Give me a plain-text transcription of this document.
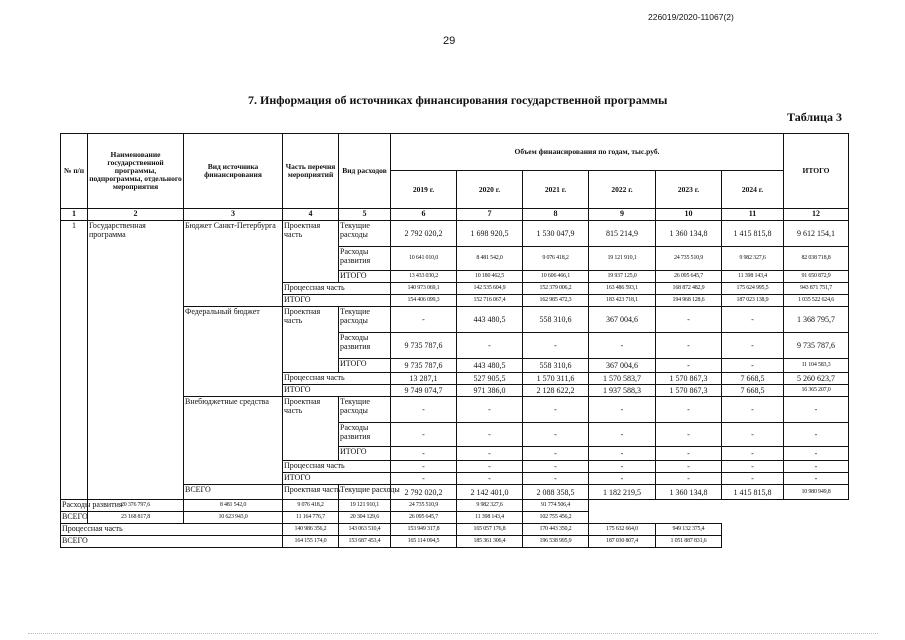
226019/2020-11067(2)
29
7. Информация об источниках финансирования государственной программы
Таблица 3
№ п/п	Наименование государственной программы, подпрограммы, отдельного мероприятия	Вид источника финансирования	Часть перечня мероприятий	Вид расходов	Объем финансирования по годам, тыс.руб.						ИТОГО
					2019 г.	2020 г.	2021 г.	2022 г.	2023 г.	2024 г.	
1	2	3	4	5	6	7	8	9	10	11	12
1	Государственная программа	Бюджет Санкт-Петербурга	Проектная часть	Текущие расходы	2 792 020,2	1 698 920,5	1 530 047,9	815 214,9	1 360 134,8	1 415 815,8	9 612 154,1
				Расходы развития	10 641 010,0	8 481 542,0	9 076 418,2	19 121 910,1	24 735 510,9	9 982 327,6	82 038 718,8
				ИТОГО	13 433 030,2	10 180 462,5	10 606 466,1	19 937 125,0	26 095 645,7	11 398 143,4	91 650 872,9
			Процессная часть		140 973 069,1	142 535 604,9	152 379 006,2	163 486 593,1	168 872 482,9	175 624 995,5	943 871 751,7
			ИТОГО		154 406 099,3	152 716 067,4	162 985 472,3	183 423 718,1	194 968 128,6	187 023 138,9	1 035 522 624,6
		Федеральный бюджет	Проектная часть	Текущие расходы	-	443 480,5	558 310,6	367 004,6	-	-	1 368 795,7
				Расходы развития	9 735 787,6	-	-	-	-	-	9 735 787,6
				ИТОГО	9 735 787,6	443 480,5	558 310,6	367 004,6	-	-	11 104 583,3
			Процессная часть		13 287,1	527 905,5	1 570 311,6	1 570 583,7	1 570 867,3	7 668,5	5 260 623,7
			ИТОГО		9 749 074,7	971 386,0	2 128 622,2	1 937 588,3	1 570 867,3	7 668,5	16 365 207,0
		Внебюджетные средства	Проектная часть	Текущие расходы	-	-	-	-	-	-	-
				Расходы развития	-	-	-	-	-	-	-
				ИТОГО	-	-	-	-	-	-	-
			Процессная часть		-	-	-	-	-	-	-
			ИТОГО		-	-	-	-	-	-	-
		ВСЕГО	Проектная часть	Текущие расходы	2 792 020,2	2 142 401,0	2 088 358,5	1 182 219,5	1 360 134,8	1 415 815,8	10 980 949,8
Расходы развития	20 376 797,6	8 481 542,0	9 076 418,2	19 121 910,1	24 735 510,9	9 982 327,6	91 774 506,4				
ВСЕГО	23 168 817,8	10 623 943,0	11 164 776,7	20 304 129,6	26 095 645,7	11 398 143,4	102 755 456,2				
Процессная часть			140 986 356,2	143 063 510,4	153 949 317,8	165 057 176,8	170 443 350,2	175 632 664,0	949 132 375,4		
ВСЕГО			164 155 174,0	153 687 453,4	165 114 094,5	185 361 306,4	196 538 995,9	187 030 807,4	1 051 887 831,6		
